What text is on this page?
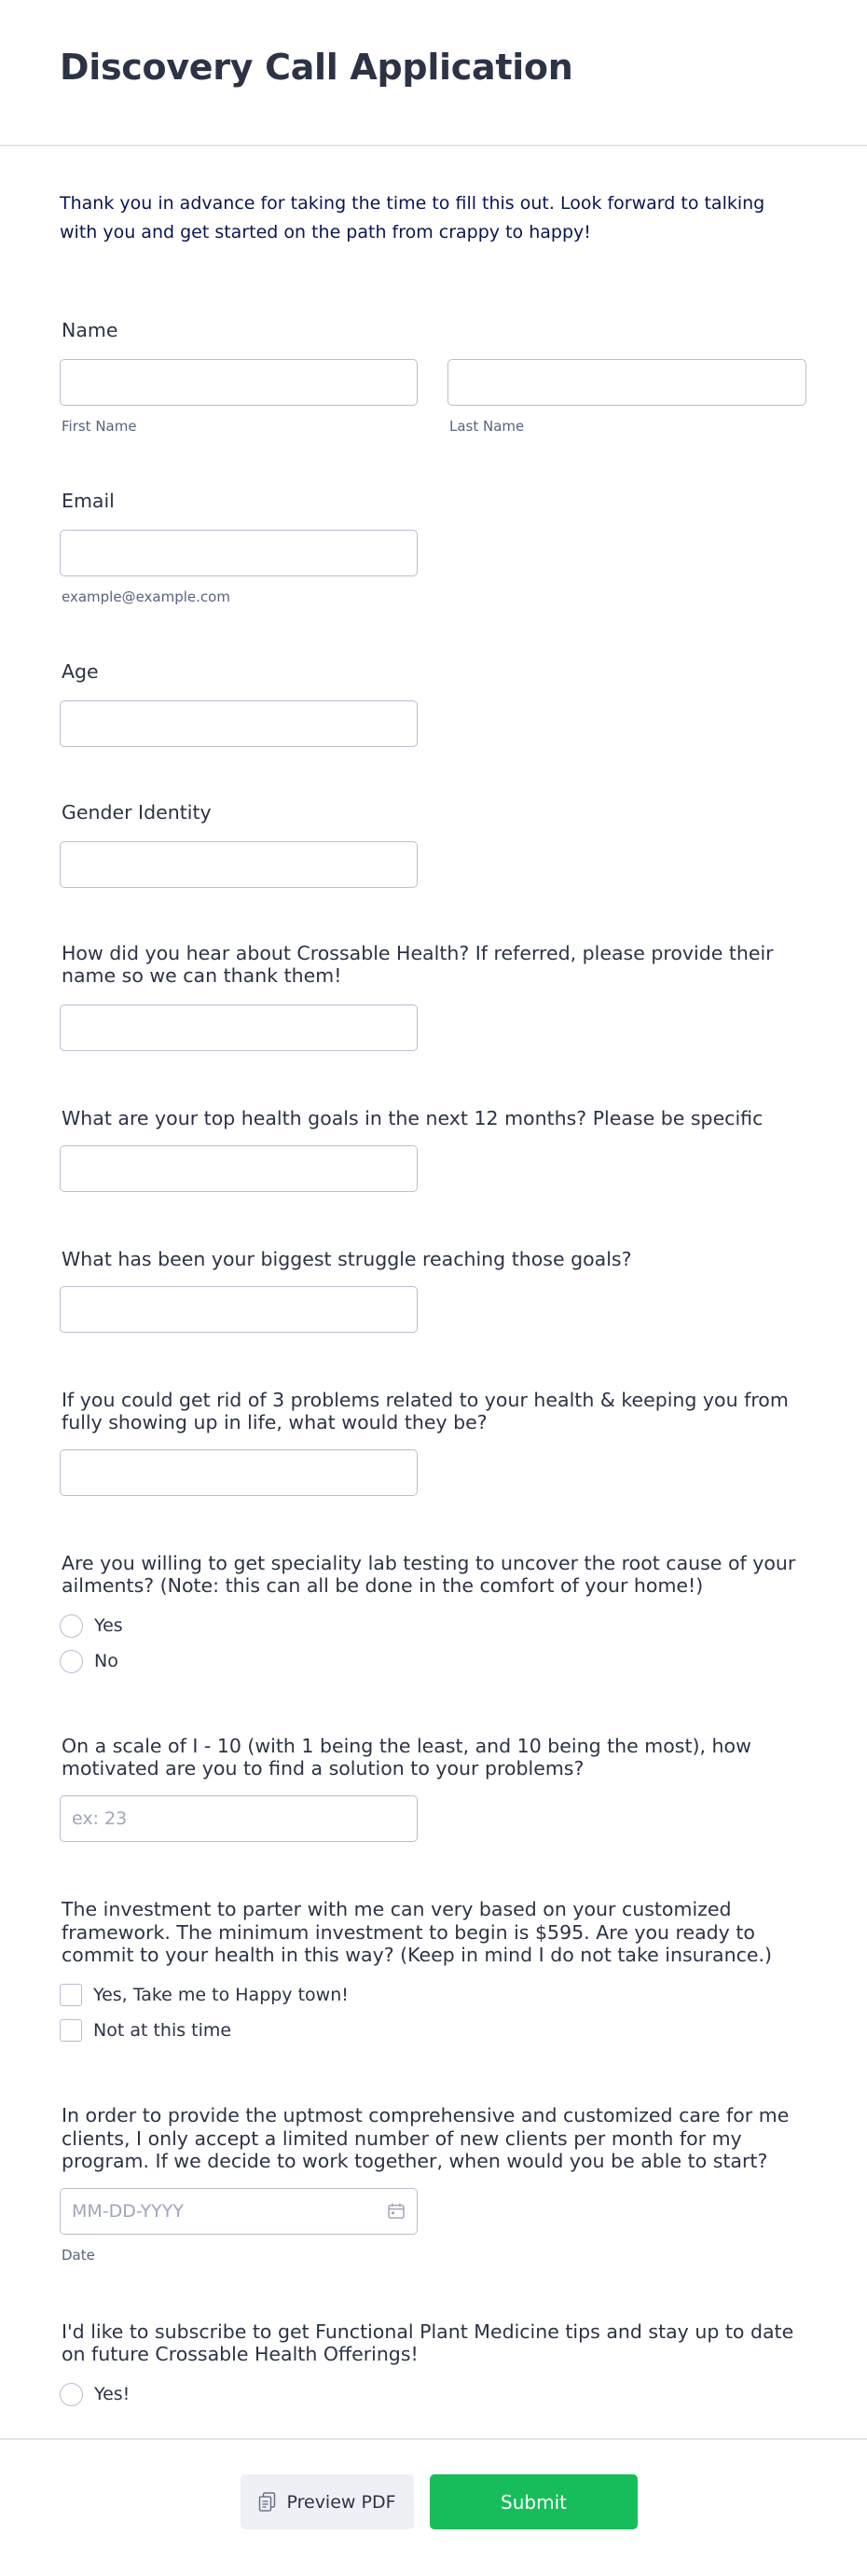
Discovery Call Application
Thank you in advance for taking the time to fill this out. Look forward to talking with you and get started on the path from crappy to happy!
Name
First Name	Last Name
Email
example@example.com
Age
Gender Identity
How did you hear about Crossable Health? If referred, please provide their name so we can thank them!
What are your top health goals in the next 12 months? Please be specific
What has been your biggest struggle reaching those goals?
If you could get rid of 3 problems related to your health & keeping you from fully showing up in life, what would they be?
Are you willing to get speciality lab testing to uncover the root cause of your ailments? (Note: this can all be done in the comfort of your home!)
Yes
No
On a scale of I - 10 (with 1 being the least, and 10 being the most), how motivated are you to find a solution to your problems?
ex: 23
The investment to parter with me can very based on your customized framework. The minimum investment to begin is $595. Are you ready to commit to your health in this way? (Keep in mind I do not take insurance.)
Yes, Take me to Happy town!
Not at this time
In order to provide the uptmost comprehensive and customized care for me clients, I only accept a limited number of new clients per month for my program. If we decide to work together, when would you be able to start?
MM-DD-YYYY
Date
I'd like to subscribe to get Functional Plant Medicine tips and stay up to date on future Crossable Health Offerings!
Yes!
Preview PDF	Submit
